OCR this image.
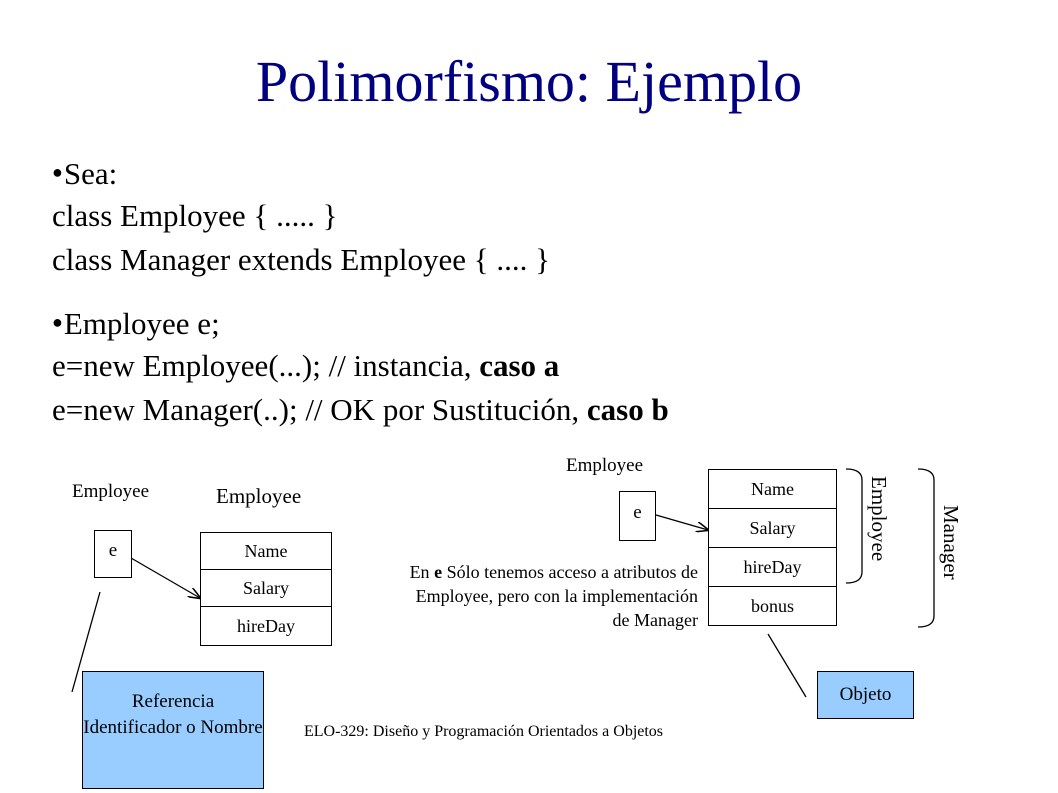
Polimorfismo: Ejemplo
●Sea:
class Employee { ..... }
class Manager extends Employee { .... }
●Employee e;
e=new Employee(...); // instancia, caso a
e=new Manager(..); // OK por Sustitución, caso b
Employee	Employee
e	Name
Salary
hireDay
Referencia Identificador o Nombre
Employee
e
Name
Salary
hireDay
bonus
Employee Manager
En e Sólo tenemos acceso a atributos de Employee, pero con la implementación de Manager
Objeto
ELO-329: Diseño y Programación Orientados a Objetos
